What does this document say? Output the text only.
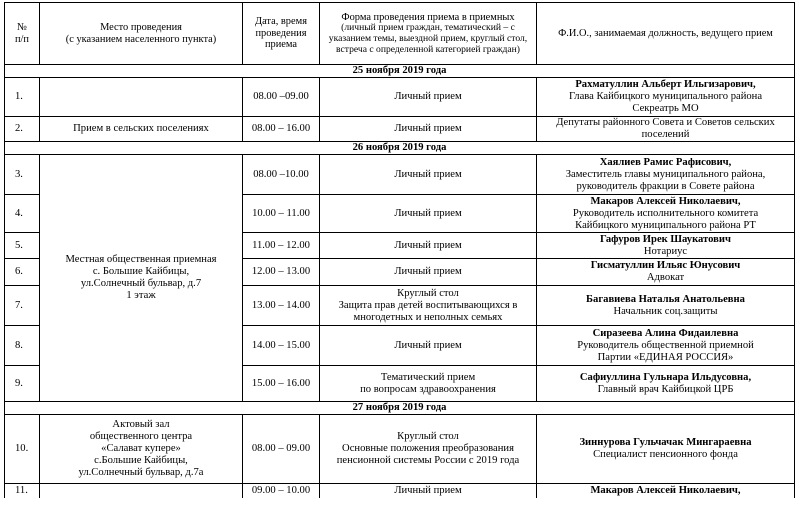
№
п/п	Место проведения
(с указанием населенного пункта)	Дата, время
проведения
приема	Форма проведения приема в приемных
(личный прием граждан, тематический – с
указанием темы, выездной прием, круглый стол,
встреча с определенной категорией граждан)	Ф.И.О., занимаемая должность, ведущего прием
25 ноября 2019 года				
1.		08.00 –09.00	Личный прием	Рахматуллин Альберт Ильгизарович,
Глава Кайбицкого муниципального района
Секреатрь МО

2.	Прием в сельских поселениях	08.00 – 16.00	Личный прием	Депутаты районного Совета и Советов сельских
поселений

26 ноября 2019 года				
3.	Местная общественная приемная
с. Большие Кайбицы,
ул.Солнечный бульвар, д.7
1 этаж	08.00 –10.00	Личный прием	Хаялиев Рамис Рафисович,
Заместитель главы муниципального района,
руководитель фракции в Совете района

4.		10.00 – 11.00	Личный прием	Макаров Алексей Николаевич,
Руководитель исполнительного комитета
Кайбицкого муниципального района РТ

5.		11.00 – 12.00	Личный прием	Гафуров Ирек Шаукатович
Нотариус

6.		12.00 – 13.00	Личный прием	Гисматуллин Ильяс Юнусович
Адвокат

7.		13.00 – 14.00	Круглый стол
Защита прав детей воспитывающихся в
многодетных и неполных семьях	Багавиева Наталья Анатольевна
Начальник соц.защиты

8.		14.00 – 15.00	Личный прием	Сиразеева Алина Фидаилевна
Руководитель общественной приемной
Партии «ЕДИНАЯ РОССИЯ»

9.		15.00 – 16.00	Тематический прием
по вопросам здравоохранения	Сафиуллина Гульнара Ильдусовна,
Главный врач Кайбицкой ЦРБ

27 ноября 2019 года				
10.	Актовый зал
общественного центра
«Салават купере»
с.Большие Кайбицы,
ул.Солнечный бульвар, д.7а	08.00 – 09.00	Круглый стол
Основные положения преобразования
пенсионной системы России с 2019 года	Зиннурова Гульчачак Мингараевна
Специалист пенсионного фонда

11.		09.00 – 10.00	Личный прием	Макаров Алексей Николаевич,
